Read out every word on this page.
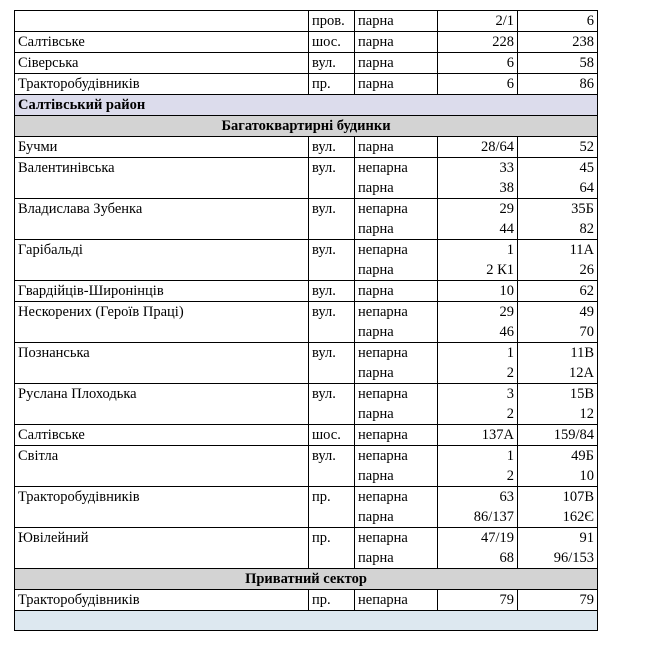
	пров.	парна	2/1	6
Салтівське	шос.	парна	228	238
Сіверська	вул.	парна	6	58
Тракторобудівників	пр.	парна	6	86
Салтівський район				
Багатоквартирні будинки				
Бучми	вул.	парна	28/64	52
Валентинівська	вул.	непарна	33	45
		парна	38	64
Владислава Зубенка	вул.	непарна	29	35Б
		парна	44	82
Гарібальді	вул.	непарна	1	11А
		парна	2 К1	26
Гвардійців-Широнінців	вул.	парна	10	62
Нескорених (Героїв Праці)	вул.	непарна	29	49
		парна	46	70
Познанська	вул.	непарна	1	11В
		парна	2	12А
Руслана Плоходька	вул.	непарна	3	15В
		парна	2	12
Салтівське	шос.	непарна	137А	159/84
Світла	вул.	непарна	1	49Б
		парна	2	10
Тракторобудівників	пр.	непарна	63	107В
		парна	86/137	162Є
Ювілейний	пр.	непарна	47/19	91
		парна	68	96/153
Приватний сектор				
Тракторобудівників	пр.	непарна	79	79
